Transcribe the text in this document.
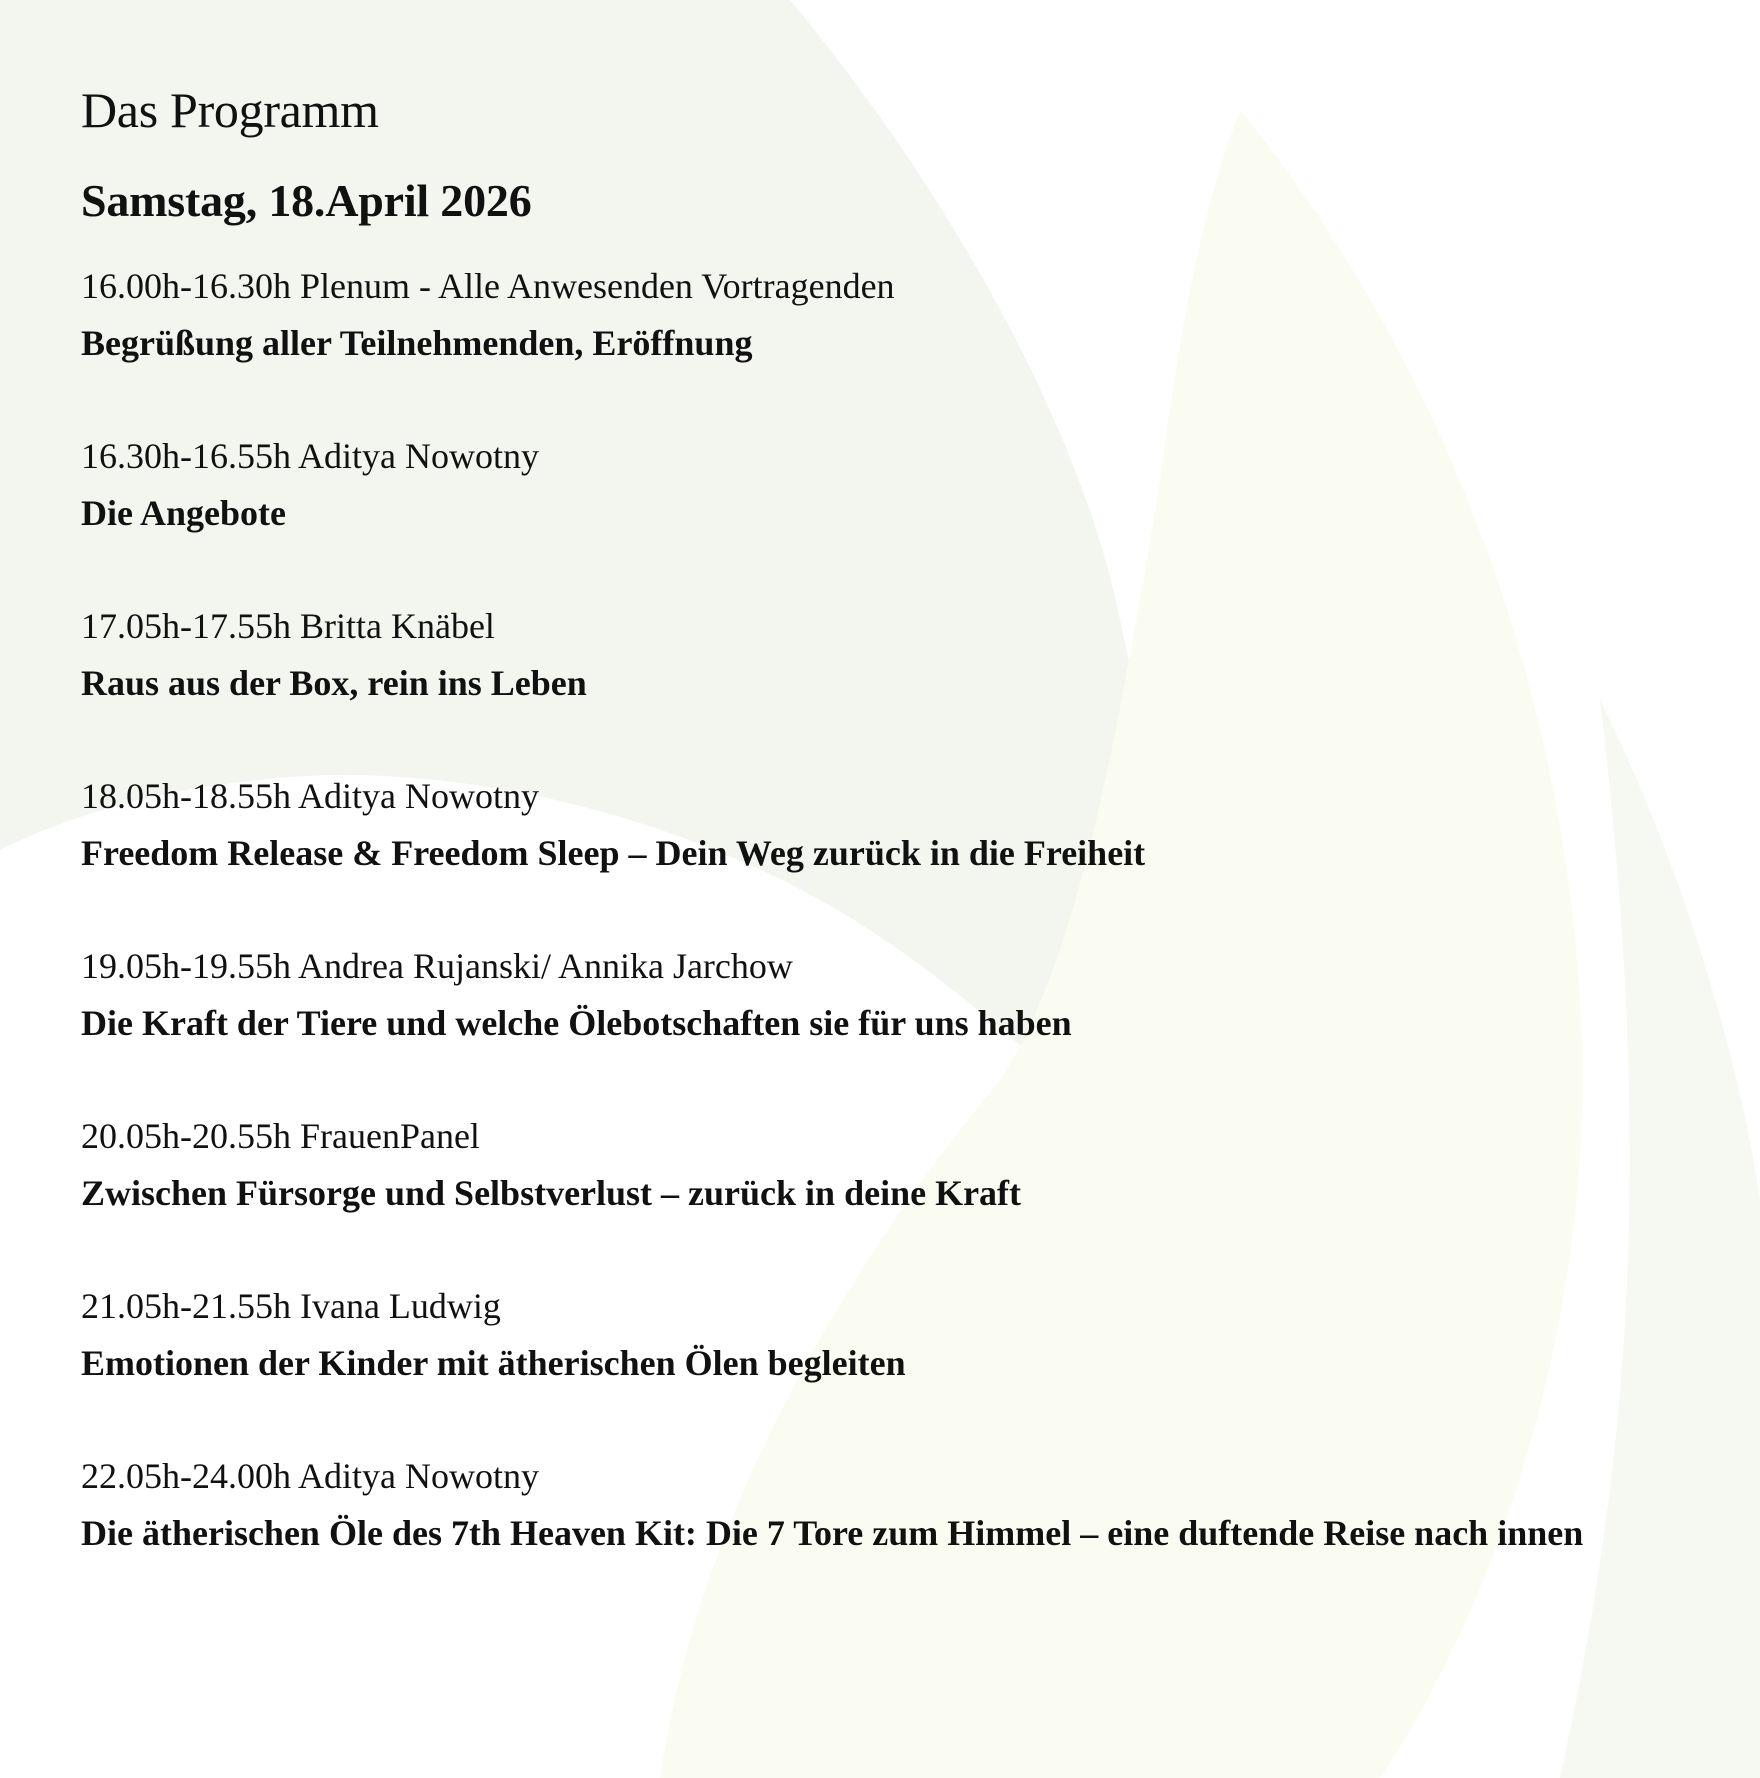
Das Programm
Samstag, 18.April 2026
16.00h-16.30h Plenum - Alle Anwesenden Vortragenden
Begrüßung aller Teilnehmenden, Eröffnung
16.30h-16.55h Aditya Nowotny
Die Angebote
17.05h-17.55h Britta Knäbel
Raus aus der Box, rein ins Leben
18.05h-18.55h Aditya Nowotny
Freedom Release & Freedom Sleep – Dein Weg zurück in die Freiheit
19.05h-19.55h Andrea Rujanski/ Annika Jarchow
Die Kraft der Tiere und welche Ölebotschaften sie für uns haben
20.05h-20.55h FrauenPanel
Zwischen Fürsorge und Selbstverlust – zurück in deine Kraft
21.05h-21.55h Ivana Ludwig
Emotionen der Kinder mit ätherischen Ölen begleiten
22.05h-24.00h Aditya Nowotny
Die ätherischen Öle des 7th Heaven Kit: Die 7 Tore zum Himmel – eine duftende Reise nach innen
